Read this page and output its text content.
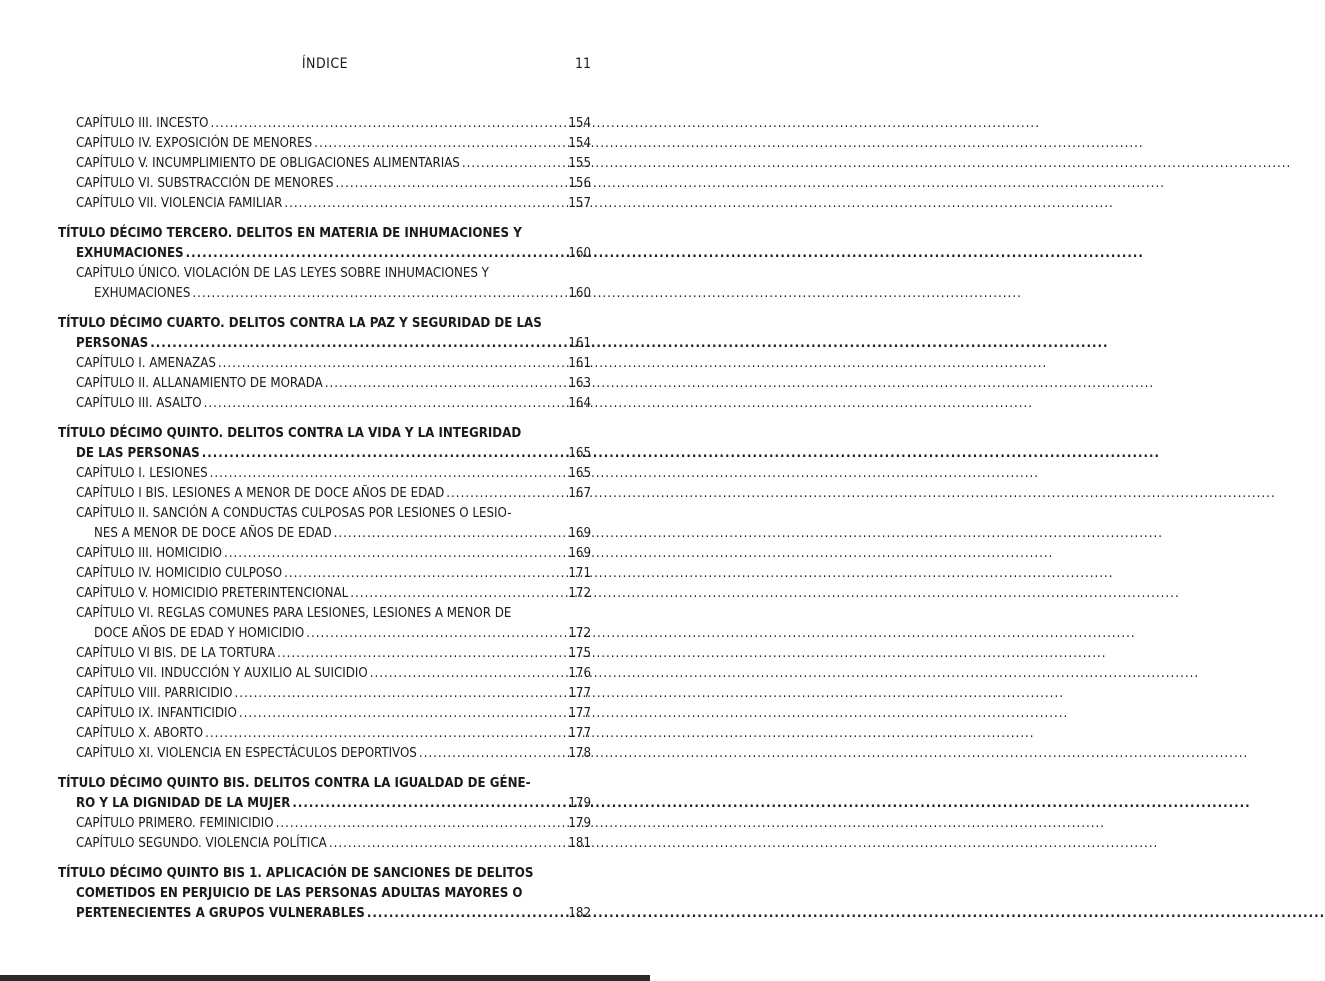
ÍNDICE	11
CAPÍTULO III. INCESTO .....	154
CAPÍTULO IV. EXPOSICIÓN DE MENORES .....	154
CAPÍTULO V. INCUMPLIMIENTO DE OBLIGACIONES ALIMENTARIAS .....	155
CAPÍTULO VI. SUBSTRACCIÓN DE MENORES .....	156
CAPÍTULO VII. VIOLENCIA FAMILIAR .....	157
TÍTULO DÉCIMO TERCERO. DELITOS EN MATERIA DE INHUMACIONES Y
EXHUMACIONES .....	160
CAPÍTULO ÚNICO. VIOLACIÓN DE LAS LEYES SOBRE INHUMACIONES Y
EXHUMACIONES .....	160
TÍTULO DÉCIMO CUARTO. DELITOS CONTRA LA PAZ Y SEGURIDAD DE LAS
PERSONAS .....	161
CAPÍTULO I. AMENAZAS .....	161
CAPÍTULO II. ALLANAMIENTO DE MORADA .....	163
CAPÍTULO III. ASALTO .....	164
TÍTULO DÉCIMO QUINTO. DELITOS CONTRA LA VIDA Y LA INTEGRIDAD
DE LAS PERSONAS .....	165
CAPÍTULO I. LESIONES .....	165
CAPÍTULO I BIS. LESIONES A MENOR DE DOCE AÑOS DE EDAD .....	167
CAPÍTULO II. SANCIÓN A CONDUCTAS CULPOSAS POR LESIONES O LESIO-
NES A MENOR DE DOCE AÑOS DE EDAD .....	169
CAPÍTULO III. HOMICIDIO .....	169
CAPÍTULO IV. HOMICIDIO CULPOSO .....	171
CAPÍTULO V. HOMICIDIO PRETERINTENCIONAL .....	172
CAPÍTULO VI. REGLAS COMUNES PARA LESIONES, LESIONES A MENOR DE
DOCE AÑOS DE EDAD Y HOMICIDIO .....	172
CAPÍTULO VI BIS. DE LA TORTURA .....	175
CAPÍTULO VII. INDUCCIÓN Y AUXILIO AL SUICIDIO .....	176
CAPÍTULO VIII. PARRICIDIO .....	177
CAPÍTULO IX. INFANTICIDIO .....	177
CAPÍTULO X. ABORTO .....	177
CAPÍTULO XI. VIOLENCIA EN ESPECTÁCULOS DEPORTIVOS .....	178
TÍTULO DÉCIMO QUINTO BIS. DELITOS CONTRA LA IGUALDAD DE GÉNE-
RO Y LA DIGNIDAD DE LA MUJER .....	179
CAPÍTULO PRIMERO. FEMINICIDIO .....	179
CAPÍTULO SEGUNDO. VIOLENCIA POLÍTICA .....	181
TÍTULO DÉCIMO QUINTO BIS 1. APLICACIÓN DE SANCIONES DE DELITOS
COMETIDOS EN PERJUICIO DE LAS PERSONAS ADULTAS MAYORES O
PERTENECIENTES A GRUPOS VULNERABLES .....	182
